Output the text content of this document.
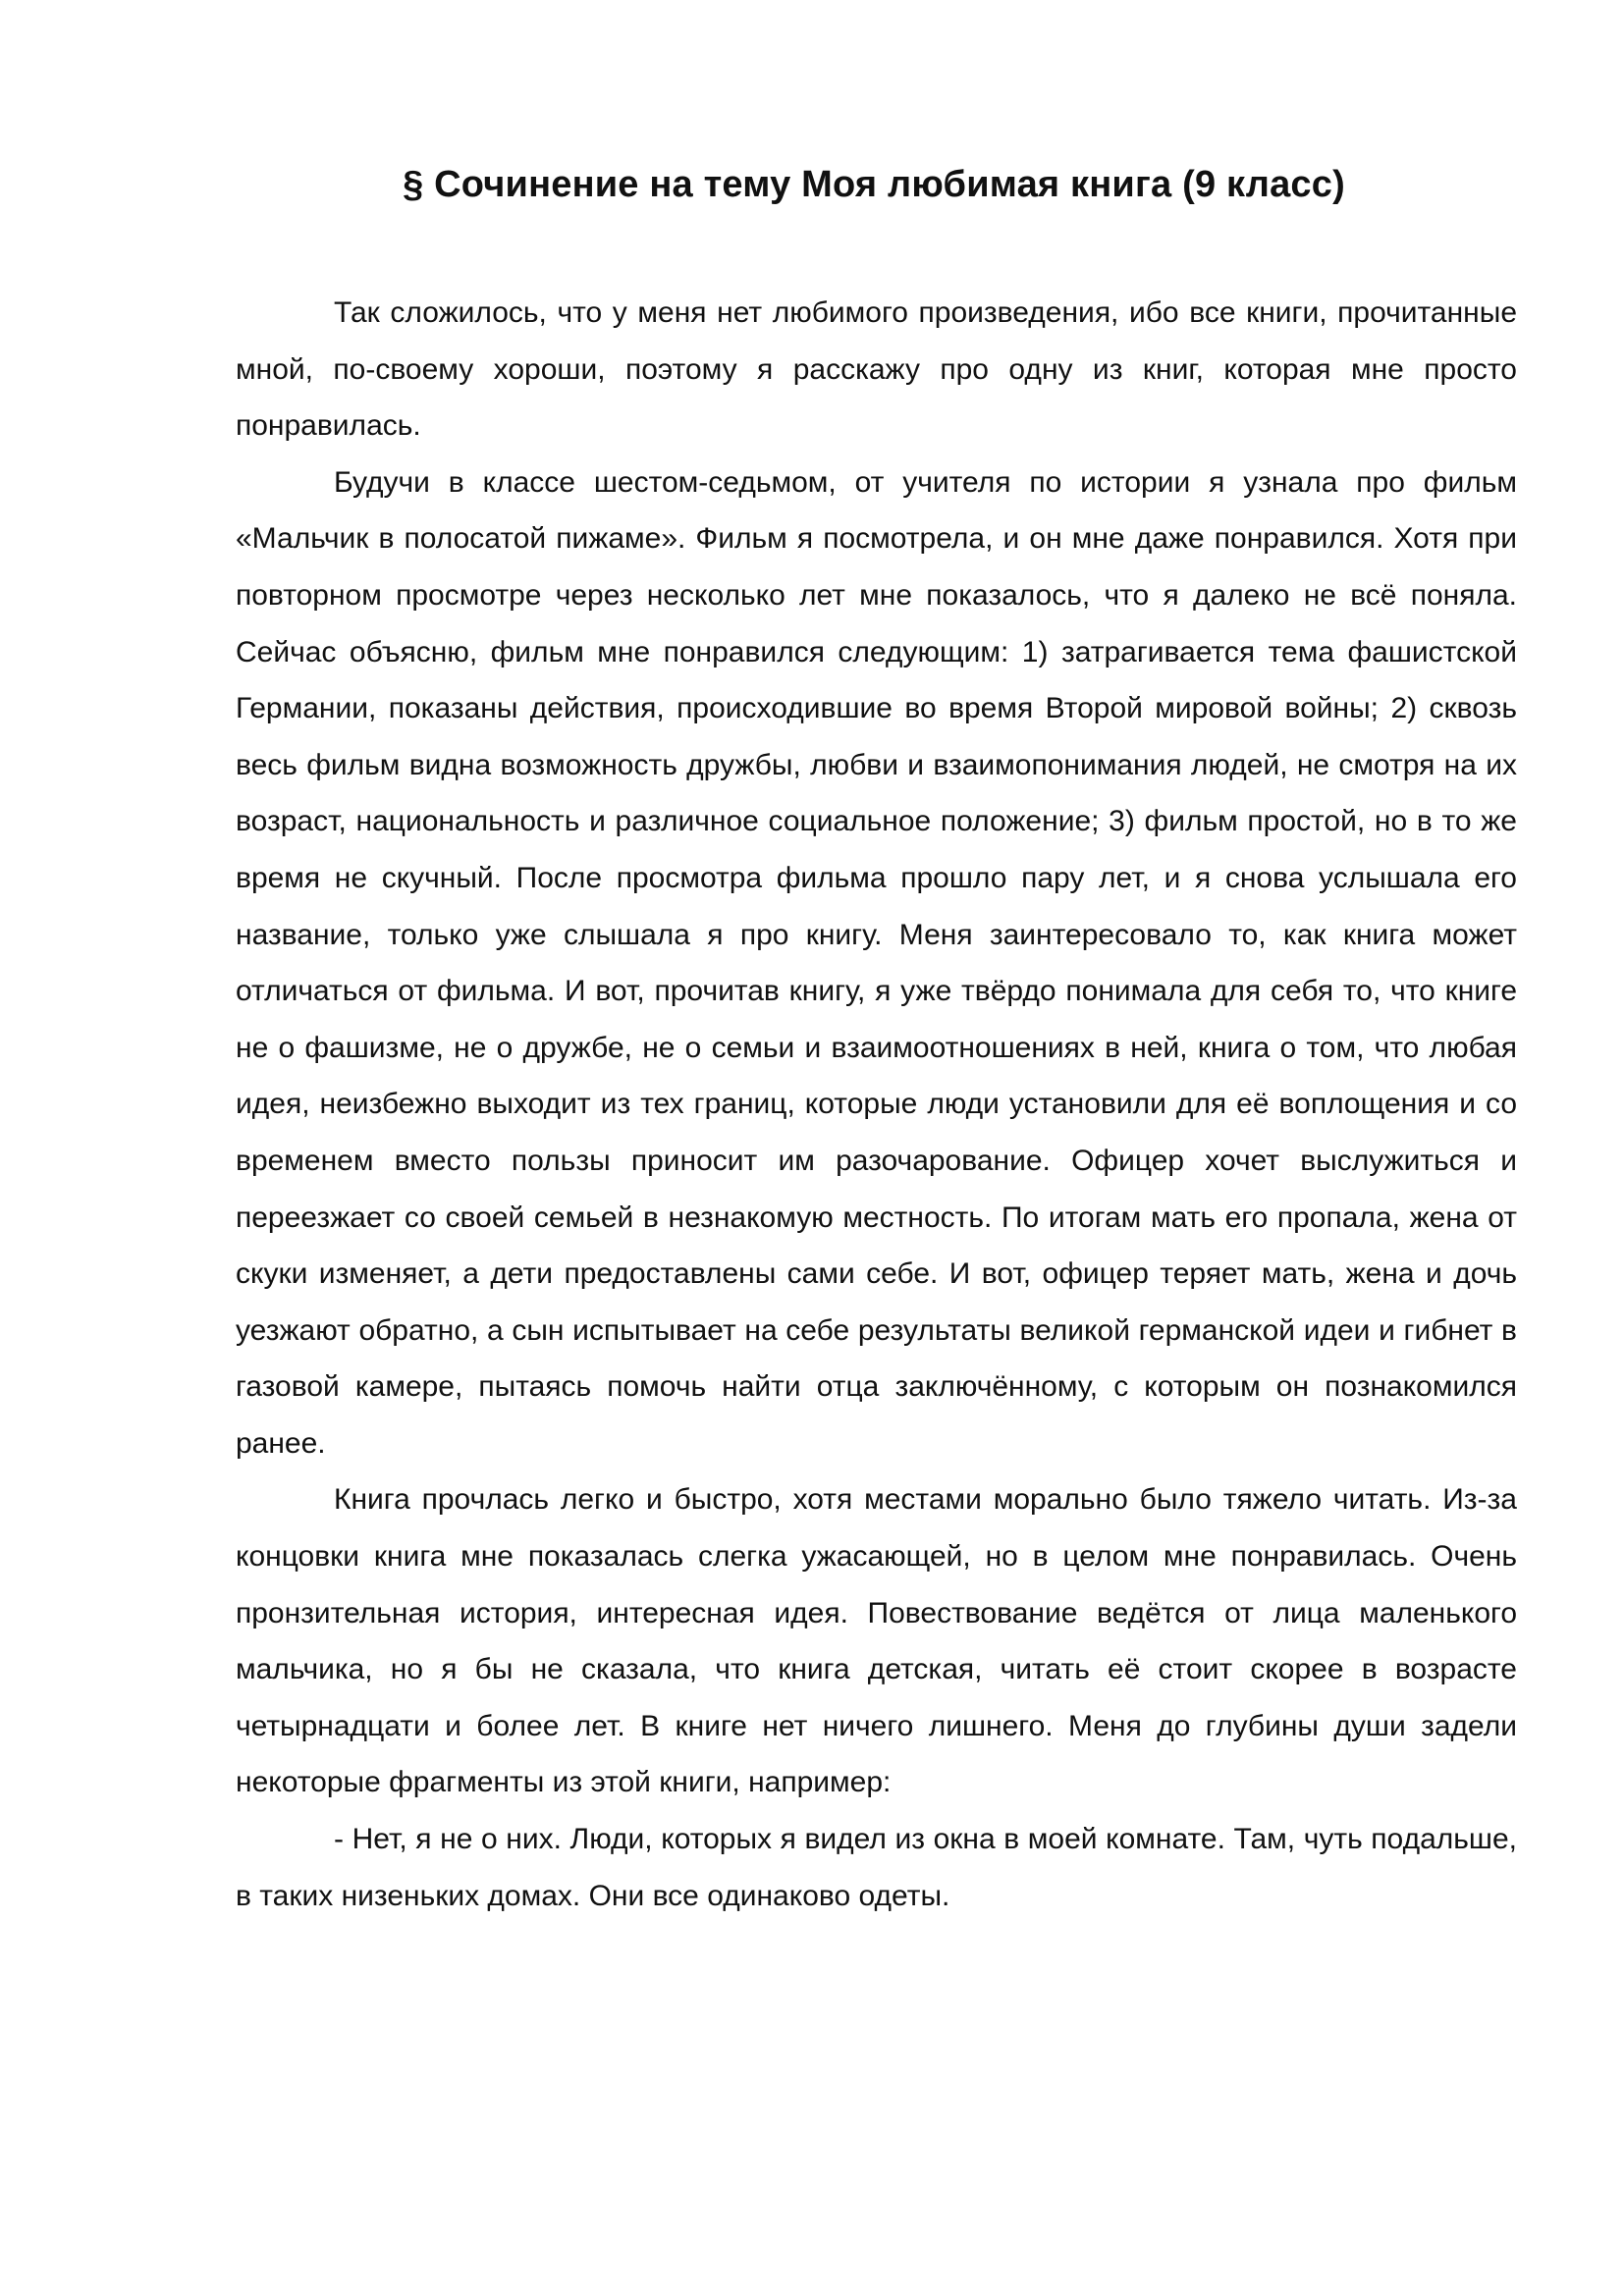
§ Сочинение на тему Моя любимая книга (9 класс)

Так сложилось, что у меня нет любимого произведения, ибо все книги, прочитанные мной, по-своему хороши, поэтому я расскажу про одну из книг, которая мне просто понравилась.

Будучи в классе шестом-седьмом, от учителя по истории я узнала про фильм «Мальчик в полосатой пижаме». Фильм я посмотрела, и он мне даже понравился. Хотя при повторном просмотре через несколько лет мне показалось, что я далеко не всё поняла. Сейчас объясню, фильм мне понравился следующим: 1) затрагивается тема фашистской Германии, показаны действия, происходившие во время Второй мировой войны; 2) сквозь весь фильм видна возможность дружбы, любви и взаимопонимания людей, не смотря на их возраст, национальность и различное социальное положение; 3) фильм простой, но в то же время не скучный. После просмотра фильма прошло пару лет, и я снова услышала его название, только уже слышала я про книгу. Меня заинтересовало то, как книга может отличаться от фильма. И вот, прочитав книгу, я уже твёрдо понимала для себя то, что книге не о фашизме, не о дружбе, не о семьи и взаимоотношениях в ней, книга о том, что любая идея, неизбежно выходит из тех границ, которые люди установили для её воплощения и со временем вместо пользы приносит им разочарование. Офицер хочет выслужиться и переезжает со своей семьей в незнакомую местность. По итогам мать его пропала, жена от скуки изменяет, а дети предоставлены сами себе. И вот, офицер теряет мать, жена и дочь уезжают обратно, а сын испытывает на себе результаты великой германской идеи и гибнет в газовой камере, пытаясь помочь найти отца заключённому, с которым он познакомился ранее.

Книга прочлась легко и быстро, хотя местами морально было тяжело читать. Из-за концовки книга мне показалась слегка ужасающей, но в целом мне понравилась. Очень пронзительная история, интересная идея. Повествование ведётся от лица маленького мальчика, но я бы не сказала, что книга детская, читать её стоит скорее в возрасте четырнадцати и более лет. В книге нет ничего лишнего. Меня до глубины души задели некоторые фрагменты из этой книги, например:

- Нет, я не о них. Люди, которых я видел из окна в моей комнате. Там, чуть подальше, в таких низеньких домах. Они все одинаково одеты.
